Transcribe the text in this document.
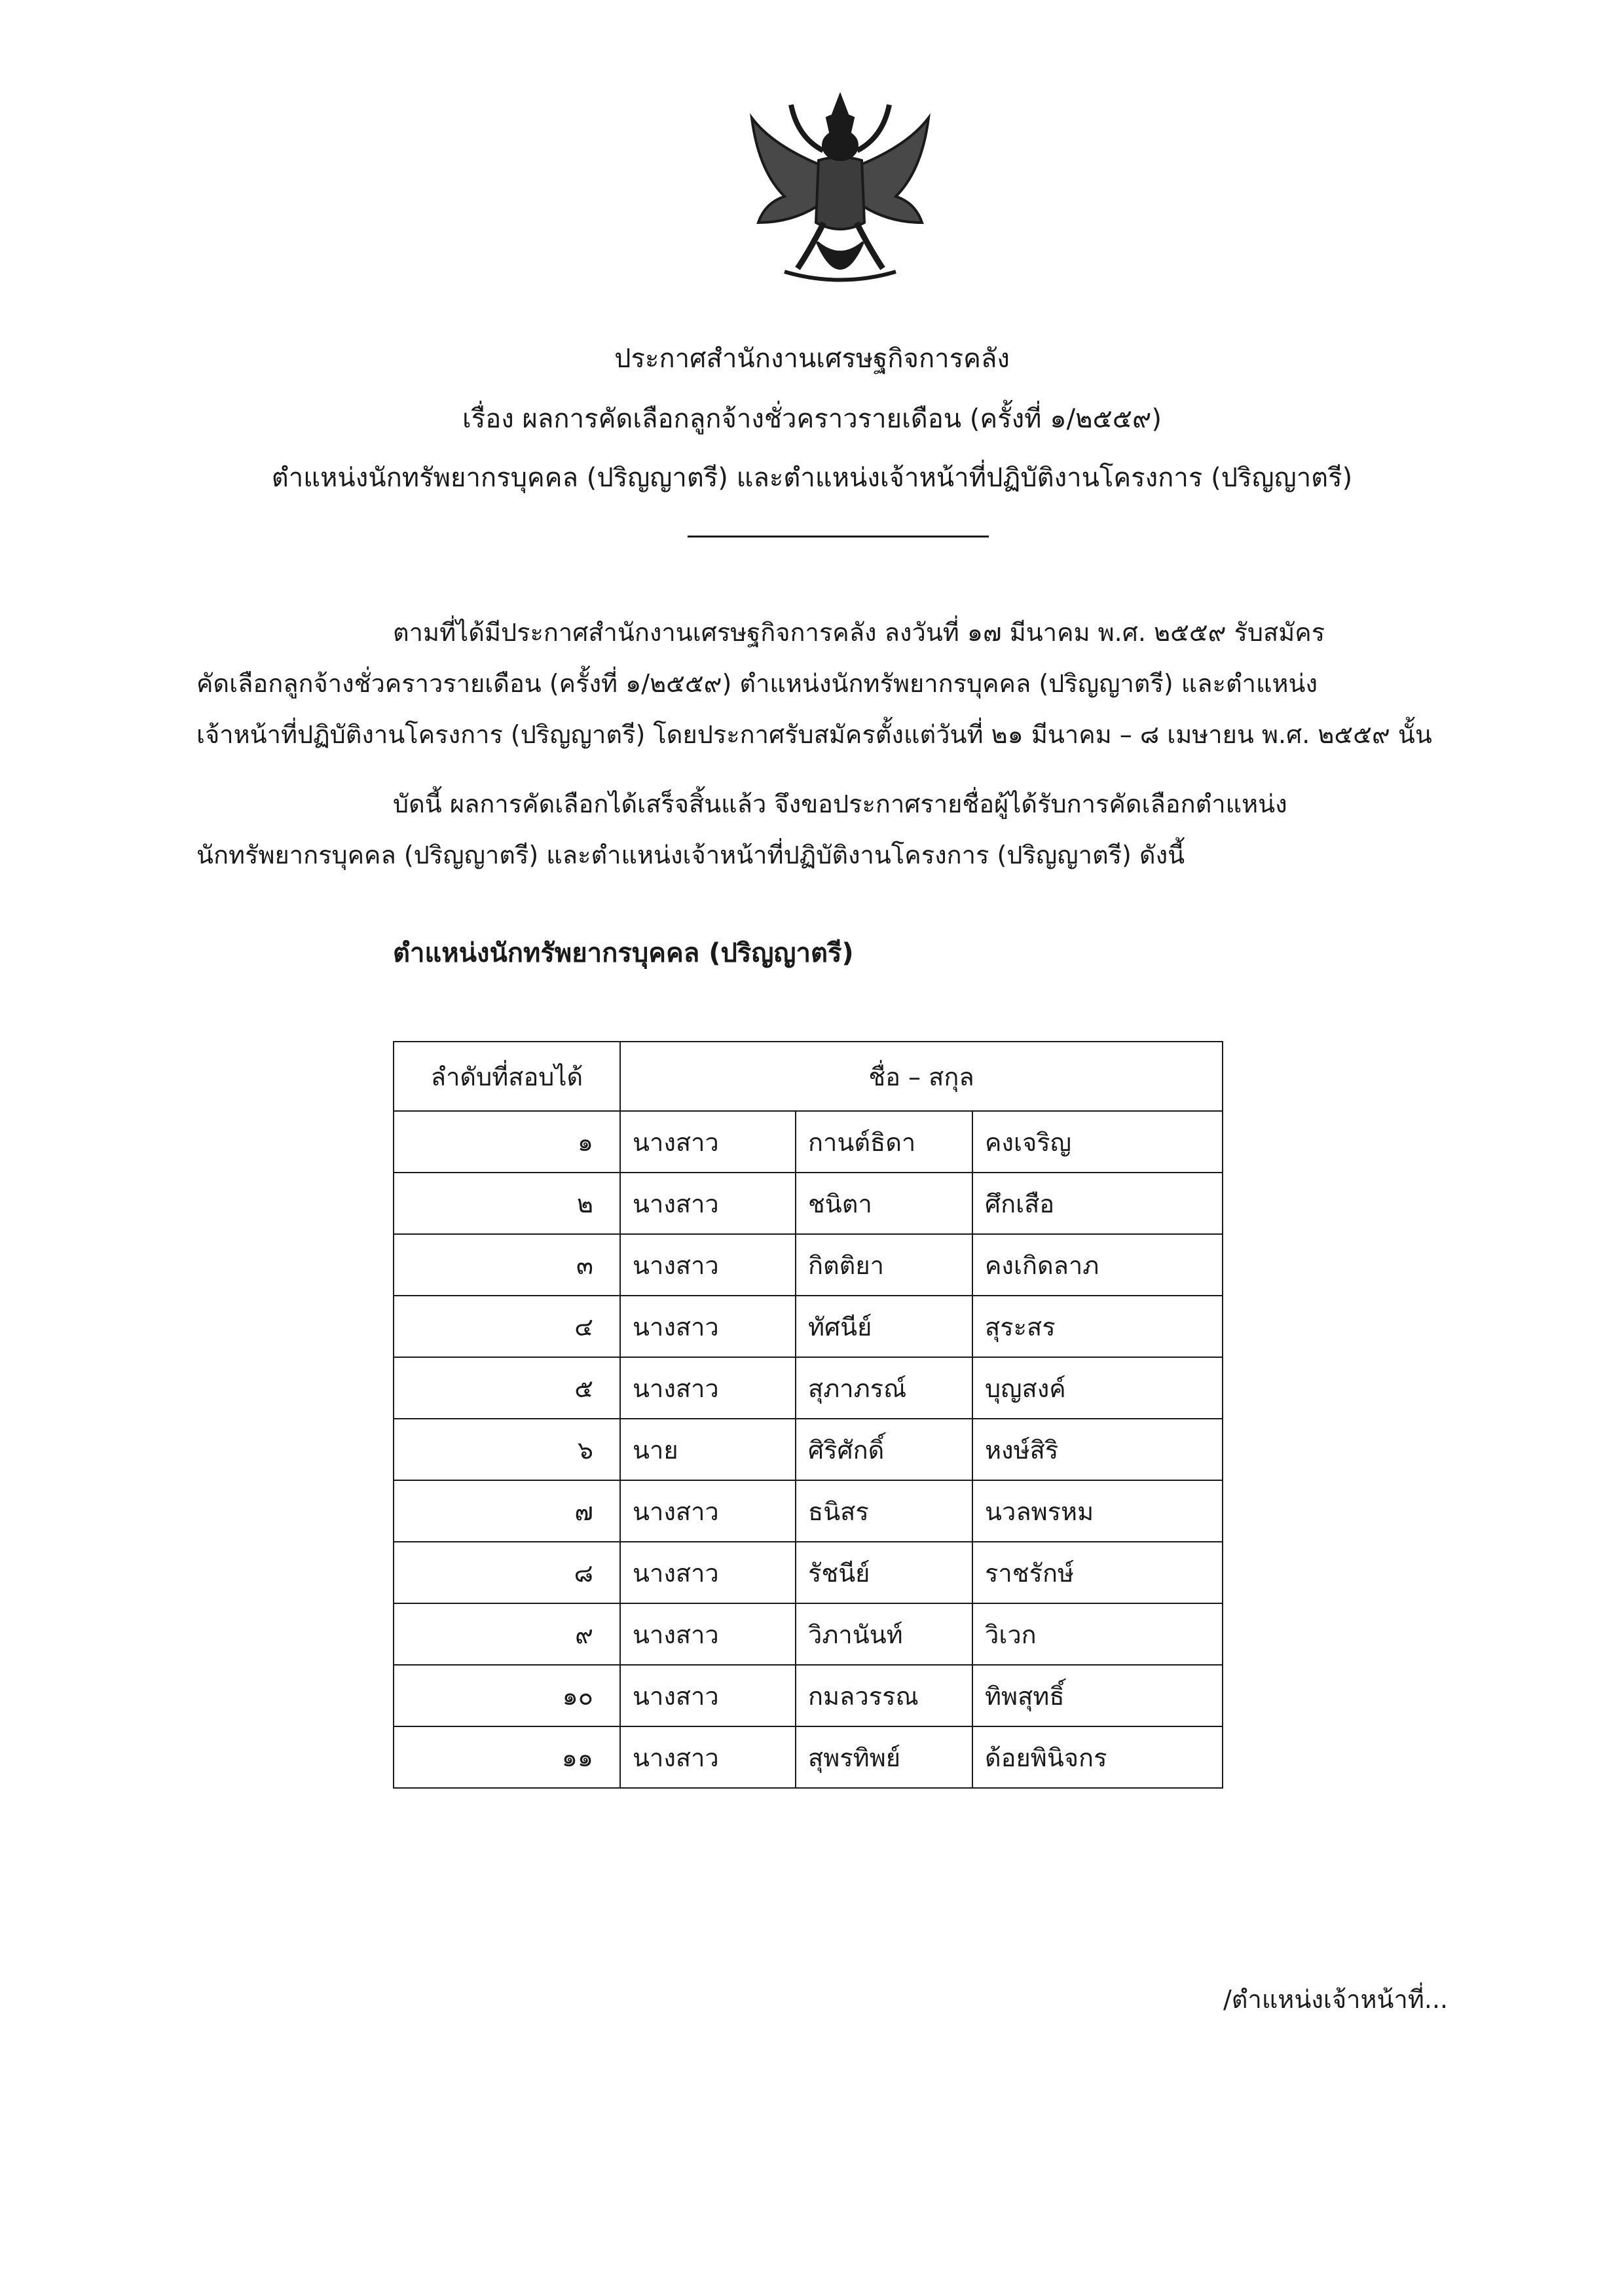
ประกาศสำนักงานเศรษฐกิจการคลัง
เรื่อง ผลการคัดเลือกลูกจ้างชั่วคราวรายเดือน (ครั้งที่ ๑/๒๕๕๙)
ตำแหน่งนักทรัพยากรบุคคล (ปริญญาตรี) และตำแหน่งเจ้าหน้าที่ปฏิบัติงานโครงการ (ปริญญาตรี)
ตามที่ได้มีประกาศสำนักงานเศรษฐกิจการคลัง ลงวันที่ ๑๗ มีนาคม พ.ศ. ๒๕๕๙ รับสมัคร
คัดเลือกลูกจ้างชั่วคราวรายเดือน (ครั้งที่ ๑/๒๕๕๙) ตำแหน่งนักทรัพยากรบุคคล (ปริญญาตรี) และตำแหน่ง
เจ้าหน้าที่ปฏิบัติงานโครงการ (ปริญญาตรี) โดยประกาศรับสมัครตั้งแต่วันที่ ๒๑ มีนาคม – ๘ เมษายน พ.ศ. ๒๕๕๙ นั้น
บัดนี้ ผลการคัดเลือกได้เสร็จสิ้นแล้ว จึงขอประกาศรายชื่อผู้ได้รับการคัดเลือกตำแหน่ง
นักทรัพยากรบุคคล (ปริญญาตรี) และตำแหน่งเจ้าหน้าที่ปฏิบัติงานโครงการ (ปริญญาตรี) ดังนี้
ตำแหน่งนักทรัพยากรบุคคล (ปริญญาตรี)
ลำดับที่สอบได้	ชื่อ – สกุล		
๑	นางสาว	กานต์ธิดา	คงเจริญ
๒	นางสาว	ชนิตา	ศึกเสือ
๓	นางสาว	กิตติยา	คงเกิดลาภ
๔	นางสาว	ทัศนีย์	สุระสร
๕	นางสาว	สุภาภรณ์	บุญสงค์
๖	นาย	ศิริศักดิ์	หงษ์สิริ
๗	นางสาว	ธนิสร	นวลพรหม
๘	นางสาว	รัชนีย์	ราชรักษ์
๙	นางสาว	วิภานันท์	วิเวก
๑๐	นางสาว	กมลวรรณ	ทิพสุทธิ์
๑๑	นางสาว	สุพรทิพย์	ด้อยพินิจกร
/ตำแหน่งเจ้าหน้าที่...
